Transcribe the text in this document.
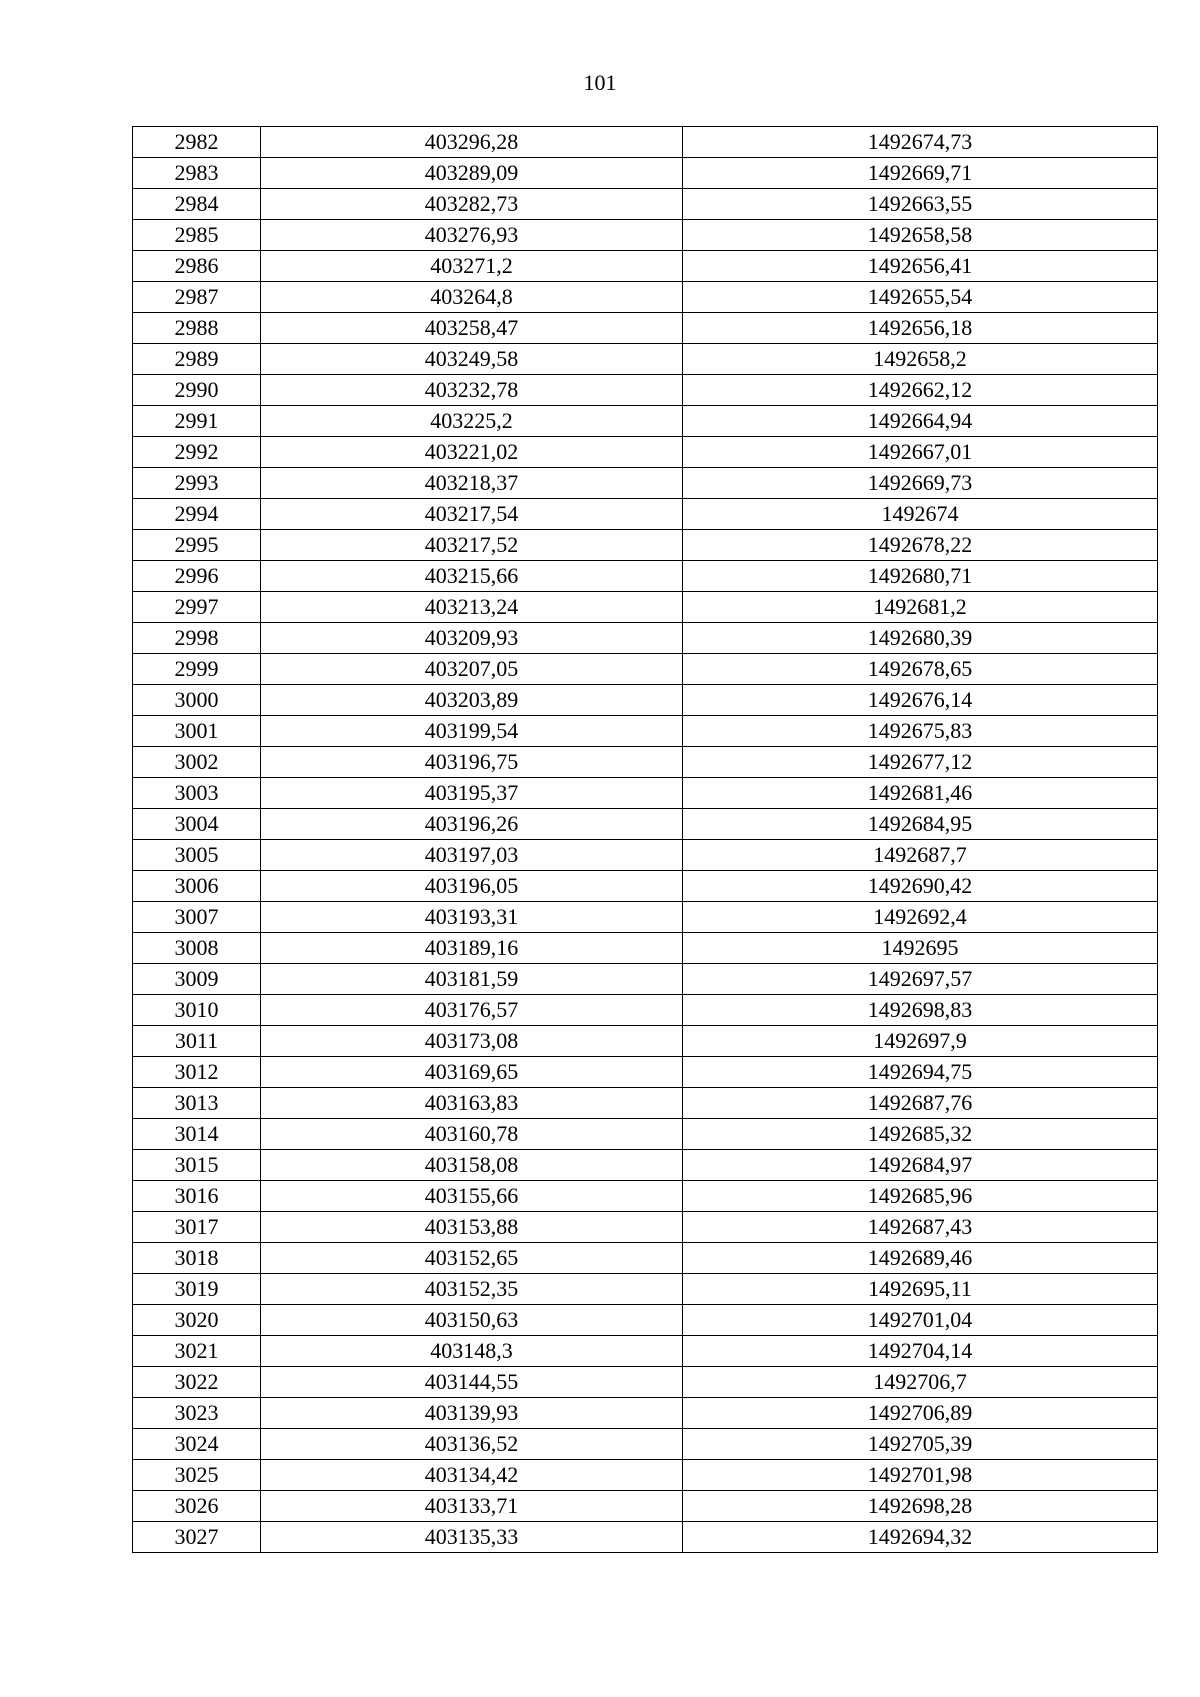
101
2982	403296,28	1492674,73
2983	403289,09	1492669,71
2984	403282,73	1492663,55
2985	403276,93	1492658,58
2986	403271,2	1492656,41
2987	403264,8	1492655,54
2988	403258,47	1492656,18
2989	403249,58	1492658,2
2990	403232,78	1492662,12
2991	403225,2	1492664,94
2992	403221,02	1492667,01
2993	403218,37	1492669,73
2994	403217,54	1492674
2995	403217,52	1492678,22
2996	403215,66	1492680,71
2997	403213,24	1492681,2
2998	403209,93	1492680,39
2999	403207,05	1492678,65
3000	403203,89	1492676,14
3001	403199,54	1492675,83
3002	403196,75	1492677,12
3003	403195,37	1492681,46
3004	403196,26	1492684,95
3005	403197,03	1492687,7
3006	403196,05	1492690,42
3007	403193,31	1492692,4
3008	403189,16	1492695
3009	403181,59	1492697,57
3010	403176,57	1492698,83
3011	403173,08	1492697,9
3012	403169,65	1492694,75
3013	403163,83	1492687,76
3014	403160,78	1492685,32
3015	403158,08	1492684,97
3016	403155,66	1492685,96
3017	403153,88	1492687,43
3018	403152,65	1492689,46
3019	403152,35	1492695,11
3020	403150,63	1492701,04
3021	403148,3	1492704,14
3022	403144,55	1492706,7
3023	403139,93	1492706,89
3024	403136,52	1492705,39
3025	403134,42	1492701,98
3026	403133,71	1492698,28
3027	403135,33	1492694,32
